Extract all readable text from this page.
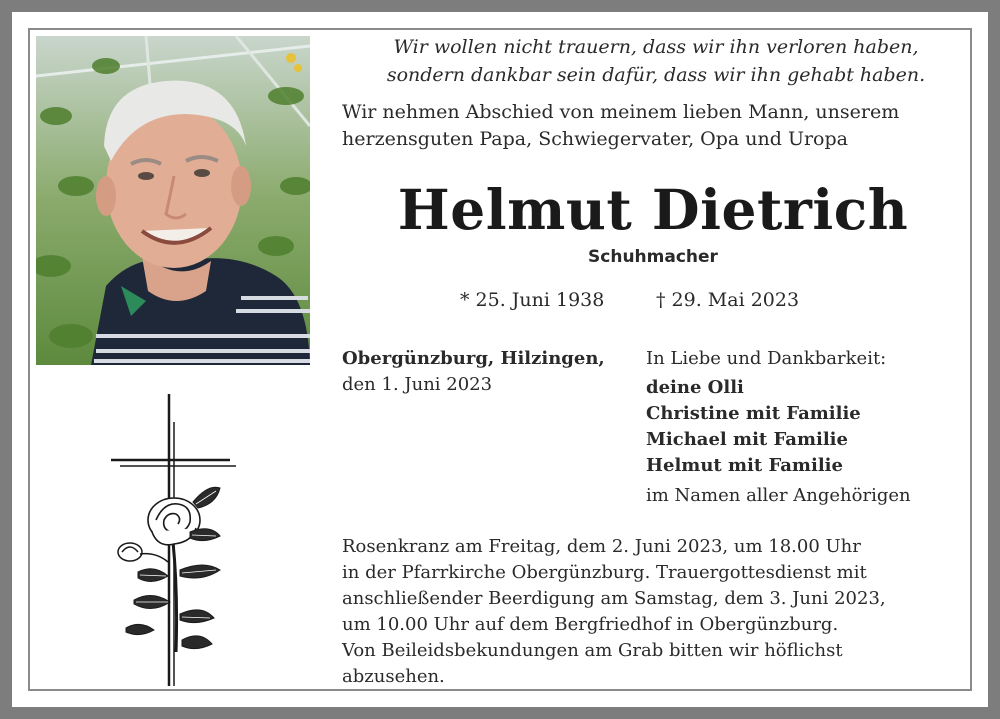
Wir wollen nicht trauern, dass wir ihn verloren haben,
sondern dankbar sein dafür, dass wir ihn gehabt haben.
Wir nehmen Abschied von meinem lieben Mann, unserem
herzensguten Papa, Schwiegervater, Opa und Uropa
Helmut Dietrich
Schuhmacher
* 25. Juni 1938	† 29. Mai 2023
Obergünzburg, Hilzingen,
den 1. Juni 2023
In Liebe und Dankbarkeit:
deine Olli
Christine mit Familie
Michael mit Familie
Helmut mit Familie
im Namen aller Angehörigen
Rosenkranz am Freitag, dem 2. Juni 2023, um 18.00 Uhr
in der Pfarrkirche Obergünzburg. Trauergottesdienst mit
anschließender Beerdigung am Samstag, dem 3. Juni 2023,
um 10.00 Uhr auf dem Bergfriedhof in Obergünzburg.
Von Beileidsbekundungen am Grab bitten wir höflichst
abzusehen.
